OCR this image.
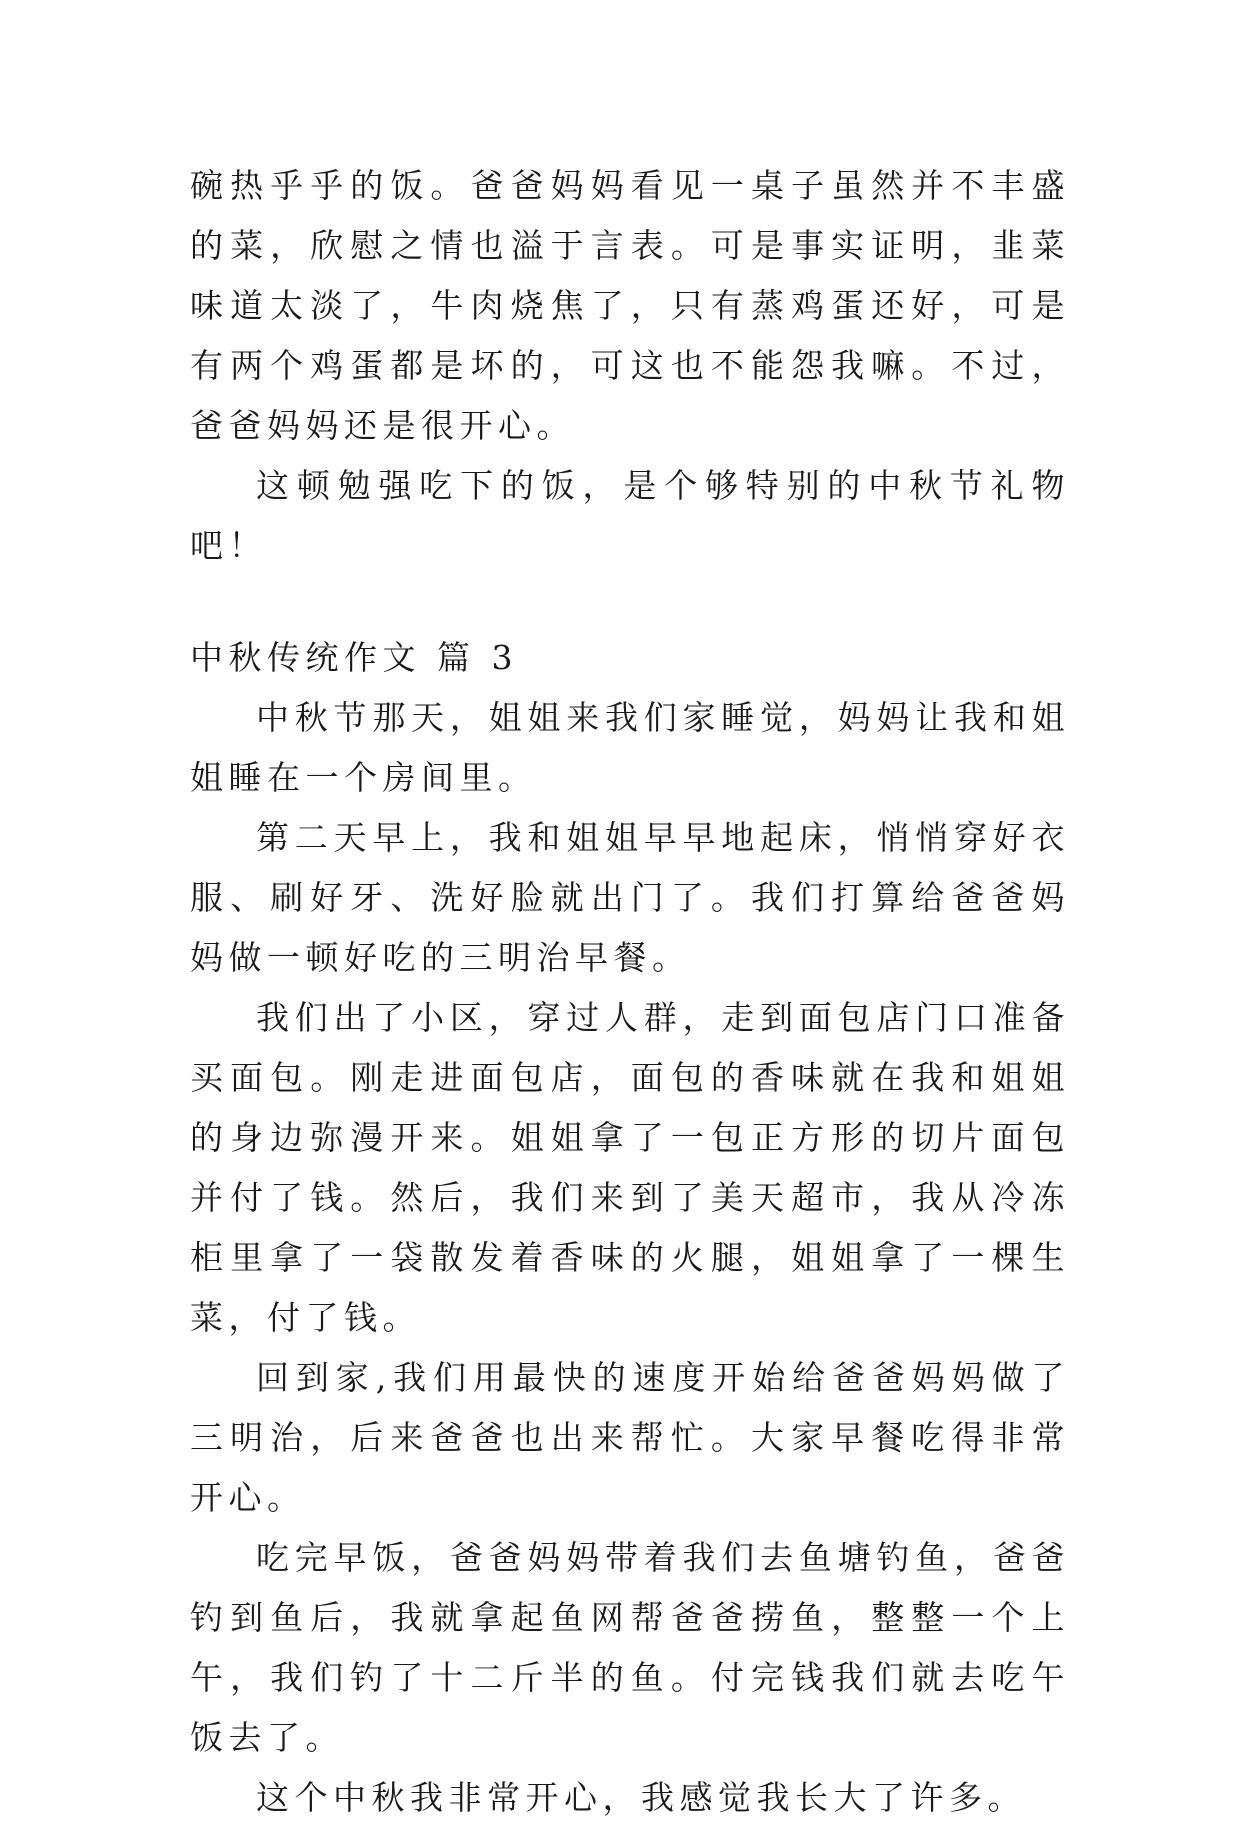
碗热乎乎的饭。爸爸妈妈看见一桌子虽然并不丰盛的菜，欣慰之情也溢于言表。可是事实证明，韭菜味道太淡了，牛肉烧焦了，只有蒸鸡蛋还好，可是有两个鸡蛋都是坏的，可这也不能怨我嘛。不过，爸爸妈妈还是很开心。

这顿勉强吃下的饭，是个够特别的中秋节礼物吧！

中秋传统作文 篇 3

中秋节那天，姐姐来我们家睡觉，妈妈让我和姐姐睡在一个房间里。

第二天早上，我和姐姐早早地起床，悄悄穿好衣服、刷好牙、洗好脸就出门了。我们打算给爸爸妈妈做一顿好吃的三明治早餐。

我们出了小区，穿过人群，走到面包店门口准备买面包。刚走进面包店，面包的香味就在我和姐姐的身边弥漫开来。姐姐拿了一包正方形的切片面包并付了钱。然后，我们来到了美天超市，我从冷冻柜里拿了一袋散发着香味的火腿，姐姐拿了一棵生菜，付了钱。

回到家,我们用最快的速度开始给爸爸妈妈做了三明治，后来爸爸也出来帮忙。大家早餐吃得非常开心。

吃完早饭，爸爸妈妈带着我们去鱼塘钓鱼，爸爸钓到鱼后，我就拿起鱼网帮爸爸捞鱼，整整一个上午，我们钓了十二斤半的鱼。付完钱我们就去吃午饭去了。

这个中秋我非常开心，我感觉我长大了许多。
